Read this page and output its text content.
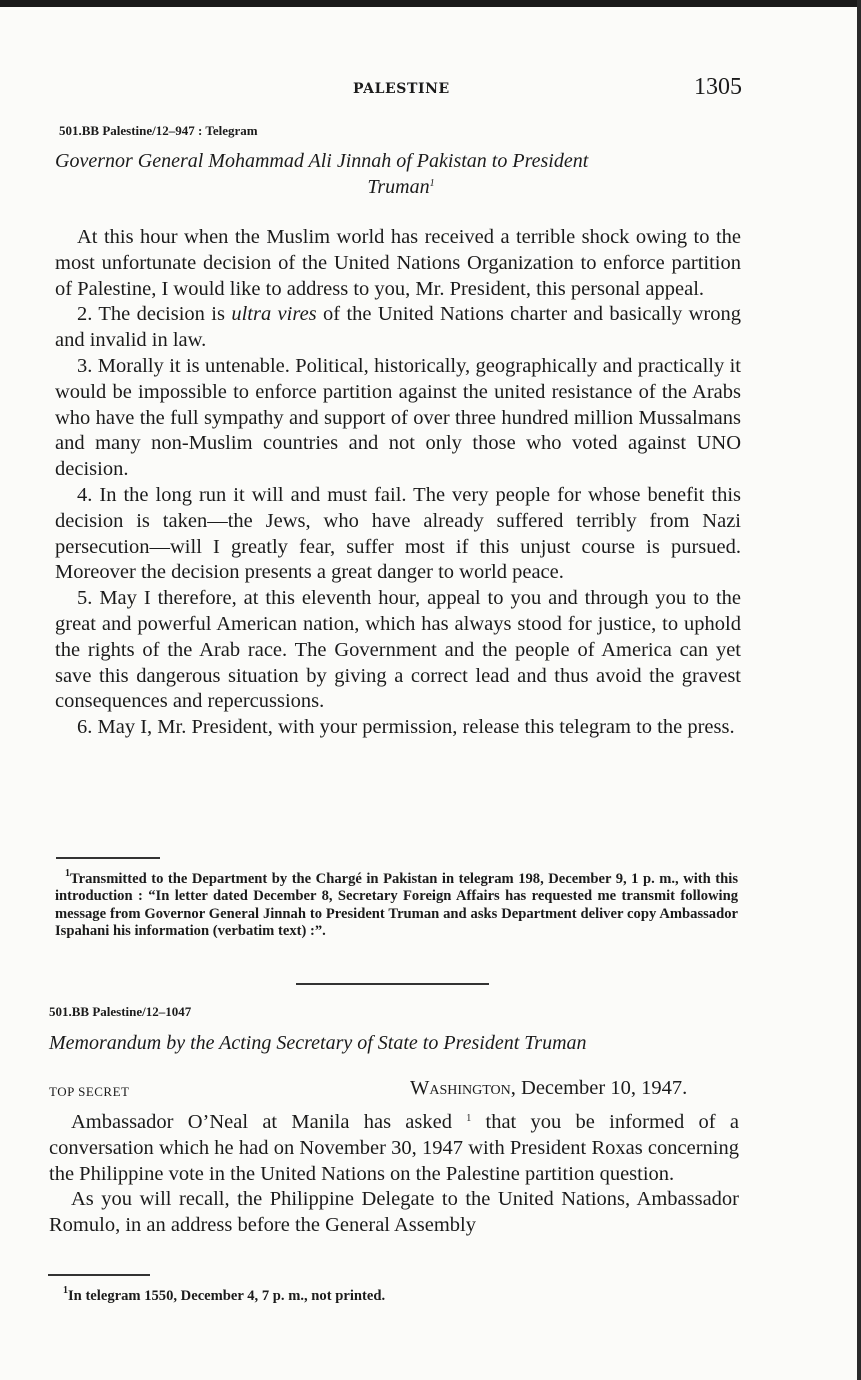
PALESTINE	1305
501.BB Palestine/12–947 : Telegram
Governor General Mohammad Ali Jinnah of Pakistan to President
Truman$^1$

At this hour when the Muslim world has received a terrible shock owing to the most unfortunate decision of the United Nations Organization to enforce partition of Palestine, I would like to address to you, Mr. President, this personal appeal.

2. The decision is ultra vires of the United Nations charter and basically wrong and invalid in law.

3. Morally it is untenable. Political, historically, geographically and practically it would be impossible to enforce partition against the united resistance of the Arabs who have the full sympathy and support of over three hundred million Mussalmans and many non-Muslim countries and not only those who voted against UNO decision.

4. In the long run it will and must fail. The very people for whose benefit this decision is taken—the Jews, who have already suffered terribly from Nazi persecution—will I greatly fear, suffer most if this unjust course is pursued. Moreover the decision presents a great danger to world peace.

5. May I therefore, at this eleventh hour, appeal to you and through you to the great and powerful American nation, which has always stood for justice, to uphold the rights of the Arab race. The Government and the people of America can yet save this dangerous situation by giving a correct lead and thus avoid the gravest consequences and repercussions.

6. May I, Mr. President, with your permission, release this telegram to the press.

$^1$Transmitted to the Department by the Chargé in Pakistan in telegram 198, December 9, 1 p. m., with this introduction : “In letter dated December 8, Secretary Foreign Affairs has requested me transmit following message from Governor General Jinnah to President Truman and asks Department deliver copy Ambassador Ispahani his information (verbatim text) :”.

501.BB Palestine/12–1047
Memorandum by the Acting Secretary of State to President Truman
TOP SECRET	Washington, December 10, 1947.

Ambassador O’Neal at Manila has asked $^1$ that you be informed of a conversation which he had on November 30, 1947 with President Roxas concerning the Philippine vote in the United Nations on the Palestine partition question.

As you will recall, the Philippine Delegate to the United Nations, Ambassador Romulo, in an address before the General Assembly

$^1$In telegram 1550, December 4, 7 p. m., not printed.
